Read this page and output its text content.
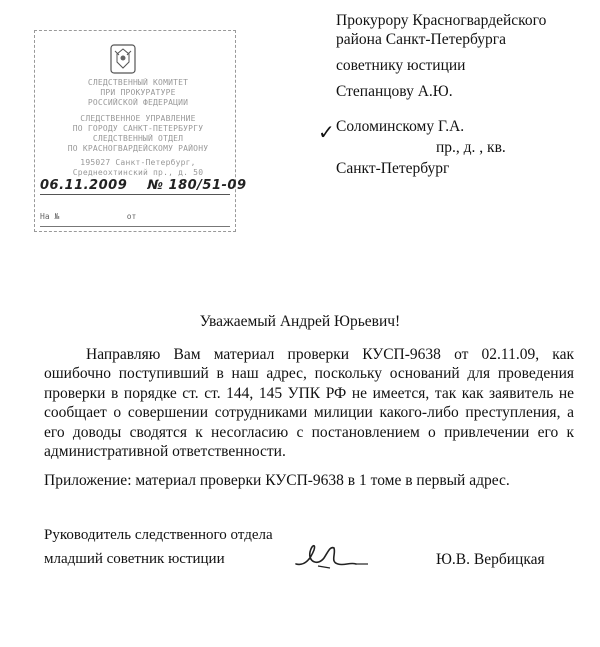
СЛЕДСТВЕННЫЙ КОМИТЕТ
ПРИ ПРОКУРАТУРЕ
РОССИЙСКОЙ ФЕДЕРАЦИИ
СЛЕДСТВЕННОЕ УПРАВЛЕНИЕ
ПО ГОРОДУ САНКТ-ПЕТЕРБУРГУ
СЛЕДСТВЕННЫЙ ОТДЕЛ
ПО КРАСНОГВАРДЕЙСКОМУ РАЙОНУ
195027 Санкт-Петербург,
Среднеохтинский пр., д. 50
06.11.2009 № 180/51-09
На №	от
Прокурору Красногвардейского
района Санкт-Петербурга
советнику юстиции
Степанцову А.Ю.
✓ Соломинскому Г.А.
пр., д. , кв.
Санкт-Петербург
Уважаемый Андрей Юрьевич!
Направляю Вам материал проверки КУСП-9638 от 02.11.09, как ошибочно поступивший в наш адрес, поскольку оснований для проведения проверки в порядке ст. ст. 144, 145 УПК РФ не имеется, так как заявитель не сообщает о совершении сотрудниками милиции какого-либо преступления, а его доводы сводятся к несогласию с постановлением о привлечении его к административной ответственности.
Приложение: материал проверки КУСП-9638 в 1 томе в первый адрес.
Руководитель следственного отдела
младший советник юстиции	Ю.В. Вербицкая
